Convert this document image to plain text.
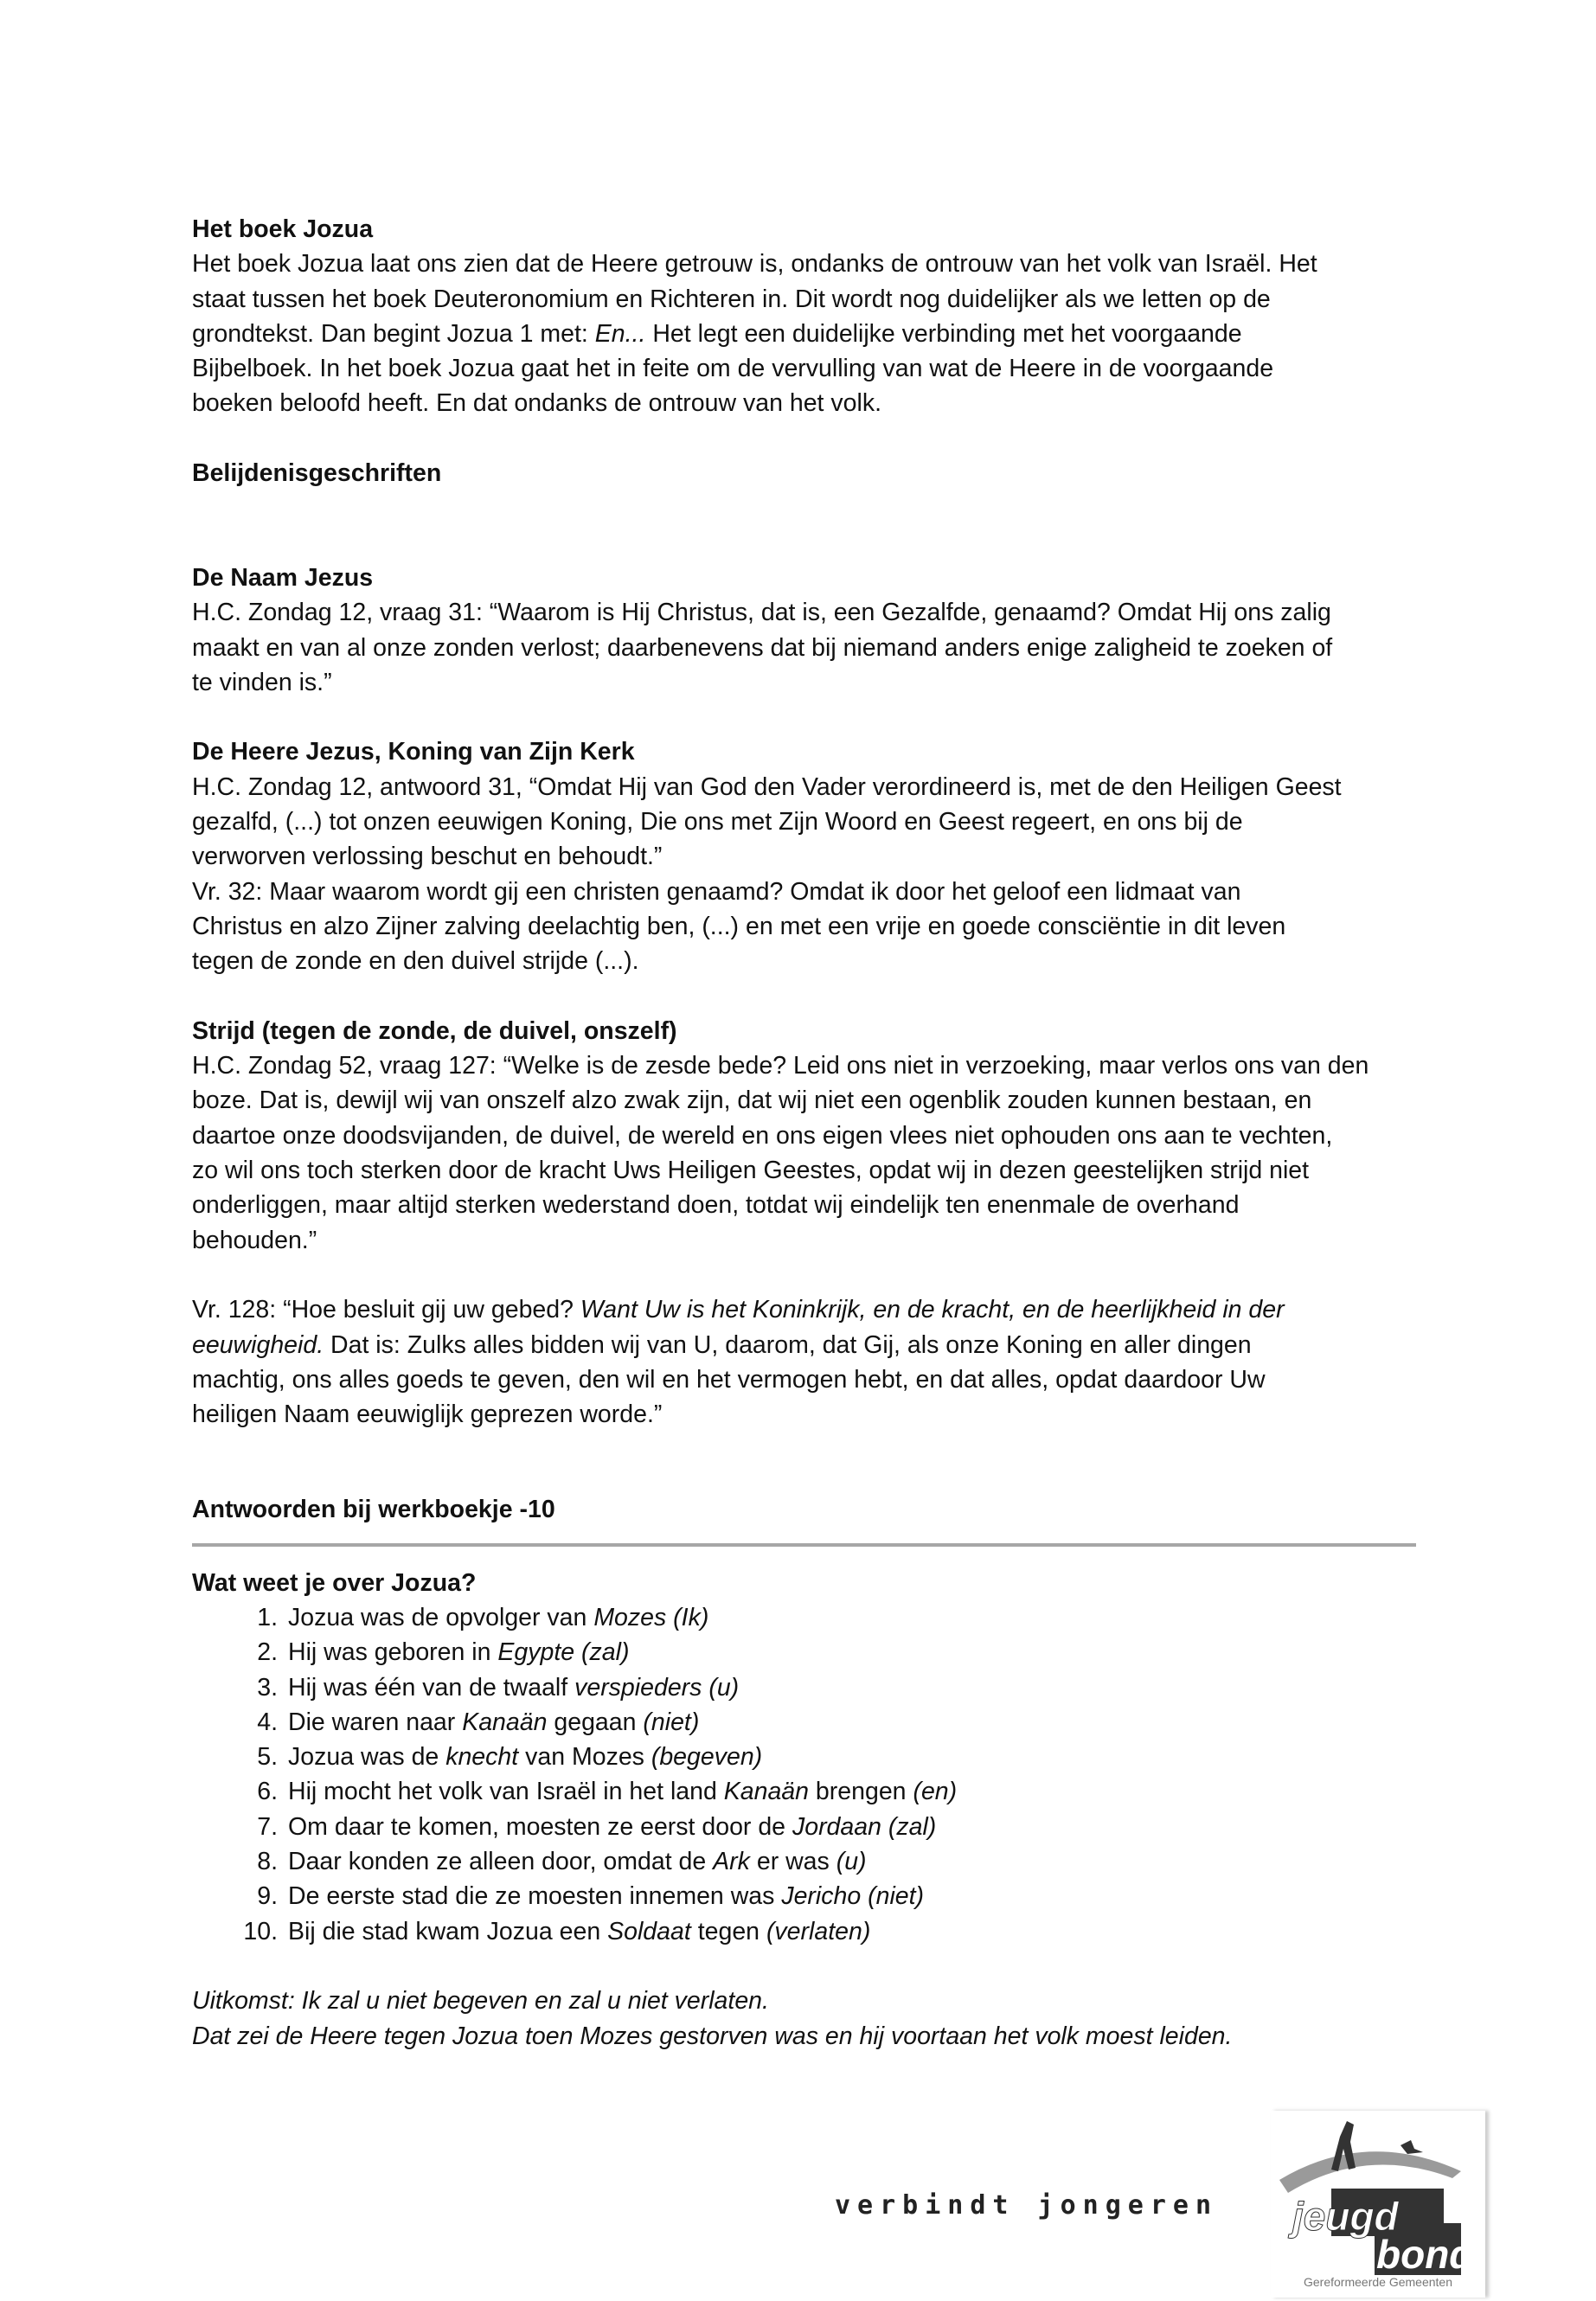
Het boek Jozua
Het boek Jozua laat ons zien dat de Heere getrouw is, ondanks de ontrouw van het volk van Israël. Het
staat tussen het boek Deuteronomium en Richteren in. Dit wordt nog duidelijker als we letten op de
grondtekst. Dan begint Jozua 1 met: En... Het legt een duidelijke verbinding met het voorgaande
Bijbelboek. In het boek Jozua gaat het in feite om de vervulling van wat de Heere in de voorgaande
boeken beloofd heeft. En dat ondanks de ontrouw van het volk.
Belijdenisgeschriften
De Naam Jezus
H.C. Zondag 12, vraag 31: “Waarom is Hij Christus, dat is, een Gezalfde, genaamd? Omdat Hij ons zalig
maakt en van al onze zonden verlost; daarbenevens dat bij niemand anders enige zaligheid te zoeken of
te vinden is.”
De Heere Jezus, Koning van Zijn Kerk
H.C. Zondag 12, antwoord 31, “Omdat Hij van God den Vader verordineerd is, met de den Heiligen Geest
gezalfd, (...) tot onzen eeuwigen Koning, Die ons met Zijn Woord en Geest regeert, en ons bij de
verworven verlossing beschut en behoudt.”
Vr. 32: Maar waarom wordt gij een christen genaamd? Omdat ik door het geloof een lidmaat van
Christus en alzo Zijner zalving deelachtig ben, (...) en met een vrije en goede consciëntie in dit leven
tegen de zonde en den duivel strijde (...).
Strijd (tegen de zonde, de duivel, onszelf)
H.C. Zondag 52, vraag 127: “Welke is de zesde bede? Leid ons niet in verzoeking, maar verlos ons van den
boze. Dat is, dewijl wij van onszelf alzo zwak zijn, dat wij niet een ogenblik zouden kunnen bestaan, en
daartoe onze doodsvijanden, de duivel, de wereld en ons eigen vlees niet ophouden ons aan te vechten,
zo wil ons toch sterken door de kracht Uws Heiligen Geestes, opdat wij in dezen geestelijken strijd niet
onderliggen, maar altijd sterken wederstand doen, totdat wij eindelijk ten enenmale de overhand
behouden.”
Vr. 128: “Hoe besluit gij uw gebed? Want Uw is het Koninkrijk, en de kracht, en de heerlijkheid in der
eeuwigheid. Dat is: Zulks alles bidden wij van U, daarom, dat Gij, als onze Koning en aller dingen
machtig, ons alles goeds te geven, den wil en het vermogen hebt, en dat alles, opdat daardoor Uw
heiligen Naam eeuwiglijk geprezen worde.”
Antwoorden bij werkboekje -10
Wat weet je over Jozua?
1. Jozua was de opvolger van Mozes (Ik)
2. Hij was geboren in Egypte (zal)
3. Hij was één van de twaalf verspieders (u)
4. Die waren naar Kanaän gegaan (niet)
5. Jozua was de knecht van Mozes (begeven)
6. Hij mocht het volk van Israël in het land Kanaän brengen (en)
7. Om daar te komen, moesten ze eerst door de Jordaan (zal)
8. Daar konden ze alleen door, omdat de Ark er was (u)
9. De eerste stad die ze moesten innemen was Jericho (niet)
10. Bij die stad kwam Jozua een Soldaat tegen (verlaten)
Uitkomst: Ik zal u niet begeven en zal u niet verlaten.
Dat zei de Heere tegen Jozua toen Mozes gestorven was en hij voortaan het volk moest leiden.
verbindt jongeren jeugd
bond
Gereformeerde Gemeenten
